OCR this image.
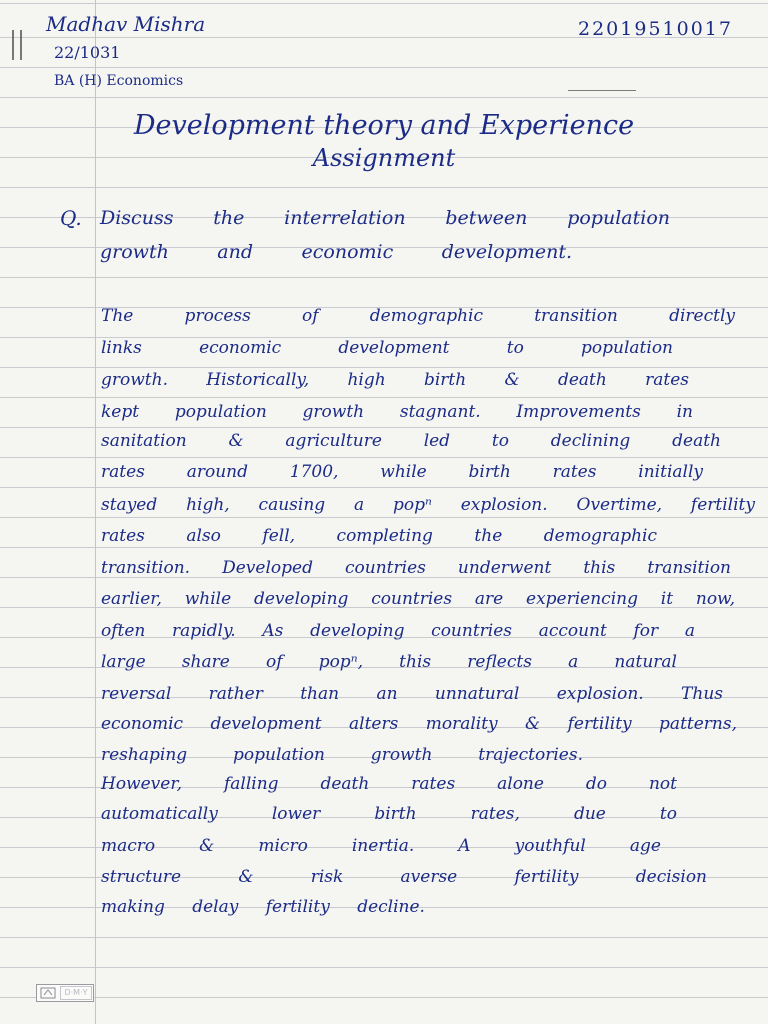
Madhav Mishra	22019510017
22/1031
BA (H) Economics
Development theory and Experience
Assignment
Q. Discuss the interrelation between population
growth and economic development.
The process of demographic transition directly
links economic development to population
growth. Historically, high birth & death rates
kept population growth stagnant. Improvements in
sanitation & agriculture led to declining death
rates around 1700, while birth rates initially
stayed high, causing a popⁿ explosion. Overtime, fertility
rates also fell, completing the demographic
transition. Developed countries underwent this transition
earlier, while developing countries are experiencing it now,
often rapidly. As developing countries account for a
large share of popⁿ, this reflects a natural
reversal rather than an unnatural explosion. Thus
economic development alters morality & fertility patterns,
reshaping population growth trajectories.
However, falling death rates alone do not
automatically lower birth rates, due to
macro & micro inertia. A youthful age
structure & risk averse fertility decision
making delay fertility decline.
D·M·Y
